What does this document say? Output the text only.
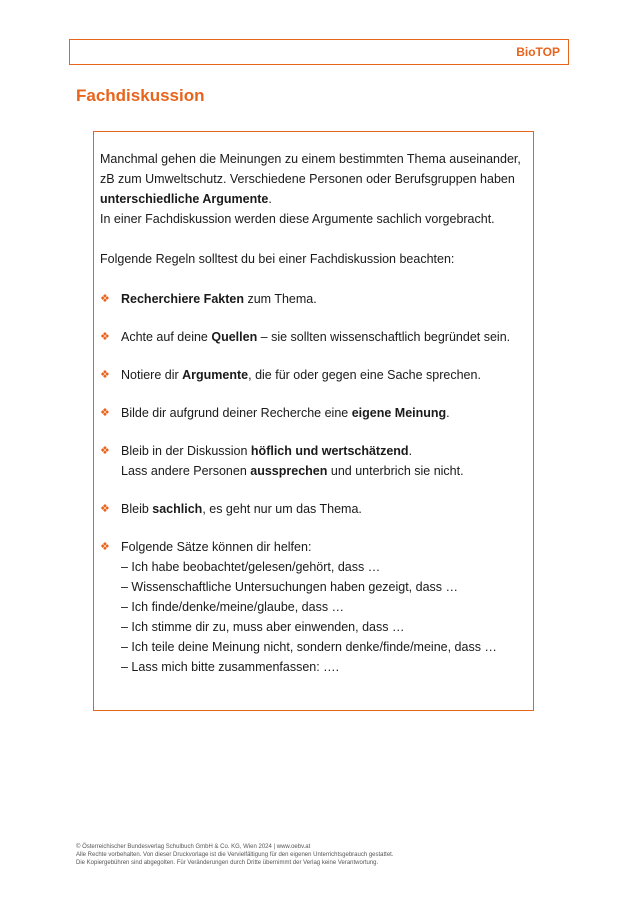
BioTOP
Fachdiskussion

Manchmal gehen die Meinungen zu einem bestimmten Thema auseinander, zB zum Umweltschutz. Verschiedene Personen oder Berufsgruppen haben unterschiedliche Argumente.
In einer Fachdiskussion werden diese Argumente sachlich vorgebracht.

Folgende Regeln solltest du bei einer Fachdiskussion beachten:

❖ Recherchiere Fakten zum Thema.
❖ Achte auf deine Quellen – sie sollten wissenschaftlich begründet sein.
❖ Notiere dir Argumente, die für oder gegen eine Sache sprechen.
❖ Bilde dir aufgrund deiner Recherche eine eigene Meinung.
❖ Bleib in der Diskussion höflich und wertschätzend.
Lass andere Personen aussprechen und unterbrich sie nicht.
❖ Bleib sachlich, es geht nur um das Thema.
❖ Folgende Sätze können dir helfen:
– Ich habe beobachtet/gelesen/gehört, dass …
– Wissenschaftliche Untersuchungen haben gezeigt, dass …
– Ich finde/denke/meine/glaube, dass …
– Ich stimme dir zu, muss aber einwenden, dass …
– Ich teile deine Meinung nicht, sondern denke/finde/meine, dass …
– Lass mich bitte zusammenfassen: ….

© Österreichischer Bundesverlag Schulbuch GmbH & Co. KG, Wien 2024 | www.oebv.at

Alle Rechte vorbehalten. Von dieser Druckvorlage ist die Vervielfältigung für den eigenen Unterrichtsgebrauch gestattet.

Die Kopiergebühren sind abgegolten. Für Veränderungen durch Dritte übernimmt der Verlag keine Verantwortung.
